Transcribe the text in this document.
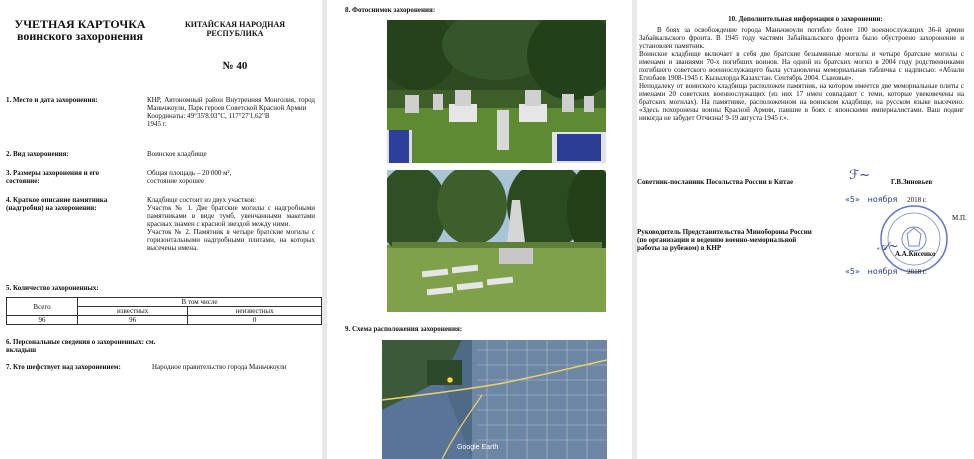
УЧЕТНАЯ КАРТОЧКА
воинского захоронения
КИТАЙСКАЯ НАРОДНАЯ
РЕСПУБЛИКА
№ 40
1. Место и дата захоронения:	КНР, Автономный район Внутренняя Монголия, город Маньчжоули, Парк героев Советской Красной Армии
Координаты: 49°35'8.03"С, 117°27'1.62"В
1945 г.
2. Вид захоронения:	Воинское кладбище
3. Размеры захоронения и его состояние:
Общая площадь – 20 000 м²,
состояние хорошее
4. Краткое описание памятника (надгробия) на захоронении:
Кладбище состоит из двух участков:
Участок № 1. Две братские могилы с надгробными памятниками в виде тумб, увенчанными макетами красных знамен с красной звездой между ними.
Участок № 2. Памятник в четыре братские могилы с горизонтальными надгробными плитами, на которых высечены имена.
5. Количество захороненных:
Всего	В том числе	
	известных	неизвестных
96	96	0
6. Персональные сведения о захороненных: см. вкладыш
7. Кто шефствует над захоронением:	Народное правительство города Маньчжоули
8. Фотоснимок захоронения:
9. Схема расположения захоронения:
Google Earth
10. Дополнительная информация о захоронении:
В боях за освобождение города Маньчжоули погибло более 100 военнослужащих 36-й армии Забайкальского фронта. В 1945 году частями Забайкальского фронта было обустроено захоронение и установлен памятник.
Воинское кладбище включает в себя две братские безымянные могилы и четыре братские могилы с именами и званиями 70-х погибших воинов. На одной из братских могил в 2004 году родственниками погибшего советского военнослужащего была установлена мемориальная табличка с надписью: «Абзали Егизбаев 1908-1945 г. Кызылорда Казахстан. Сентябрь 2004. Сыновья».
Неподалеку от воинского кладбища расположен памятник, на котором имеется две мемориальные плиты с именами 20 советских военнослужащих (из них 17 имен совпадают с теми, которые увековечены на братских могилах). На памятнике, расположенном на воинском кладбище, на русском языке высечено: «Здесь похоронены воины Красной Армии, павшие в боях с японскими империалистами. Ваш подвиг никогда не забудет Отчизна! 9-19 августа 1945 г.».
Советник-посланник Посольства России в Китае	Г.В.Зиновьев
ℱ~
«5» ноября 2018 г.
М.П.
Руководитель Представительства Минобороны России (по организации и ведению военно-мемориальной работы за рубежом) в КНР
А.А.Кисенко
𝒜~
«5» ноября 2018 г.
